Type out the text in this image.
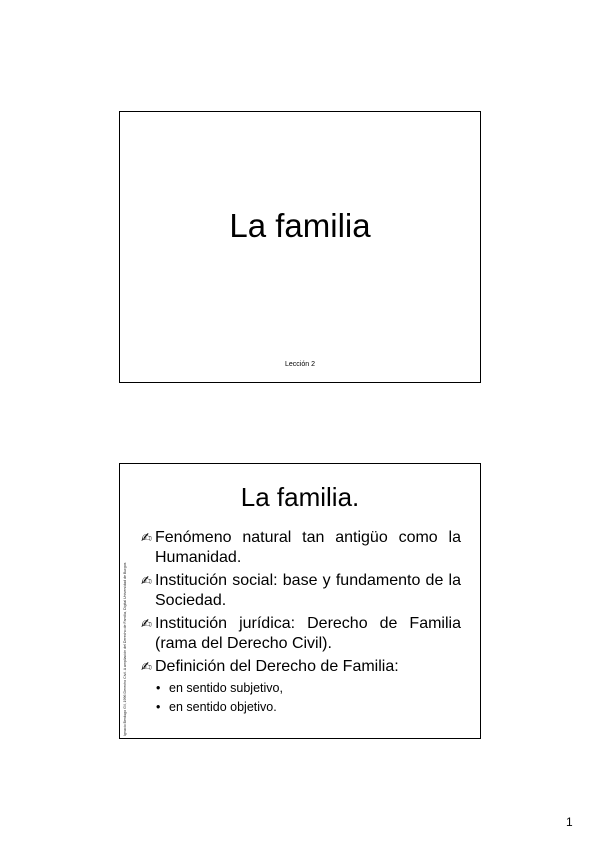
La familia
Lección 2
La familia.
Ignacio Berdugo Gil, 1996 Derecho Civil. A ampliación del Derecho de Familia, Digital Universidad de Burgos
✍ Fenómeno natural tan antigüo como la Humanidad.
✍ Institución social: base y fundamento de la Sociedad.
✍ Institución jurídica: Derecho de Familia (rama del Derecho Civil).
✍ Definición del Derecho de Familia:
• en sentido subjetivo,
• en sentido objetivo.
1
